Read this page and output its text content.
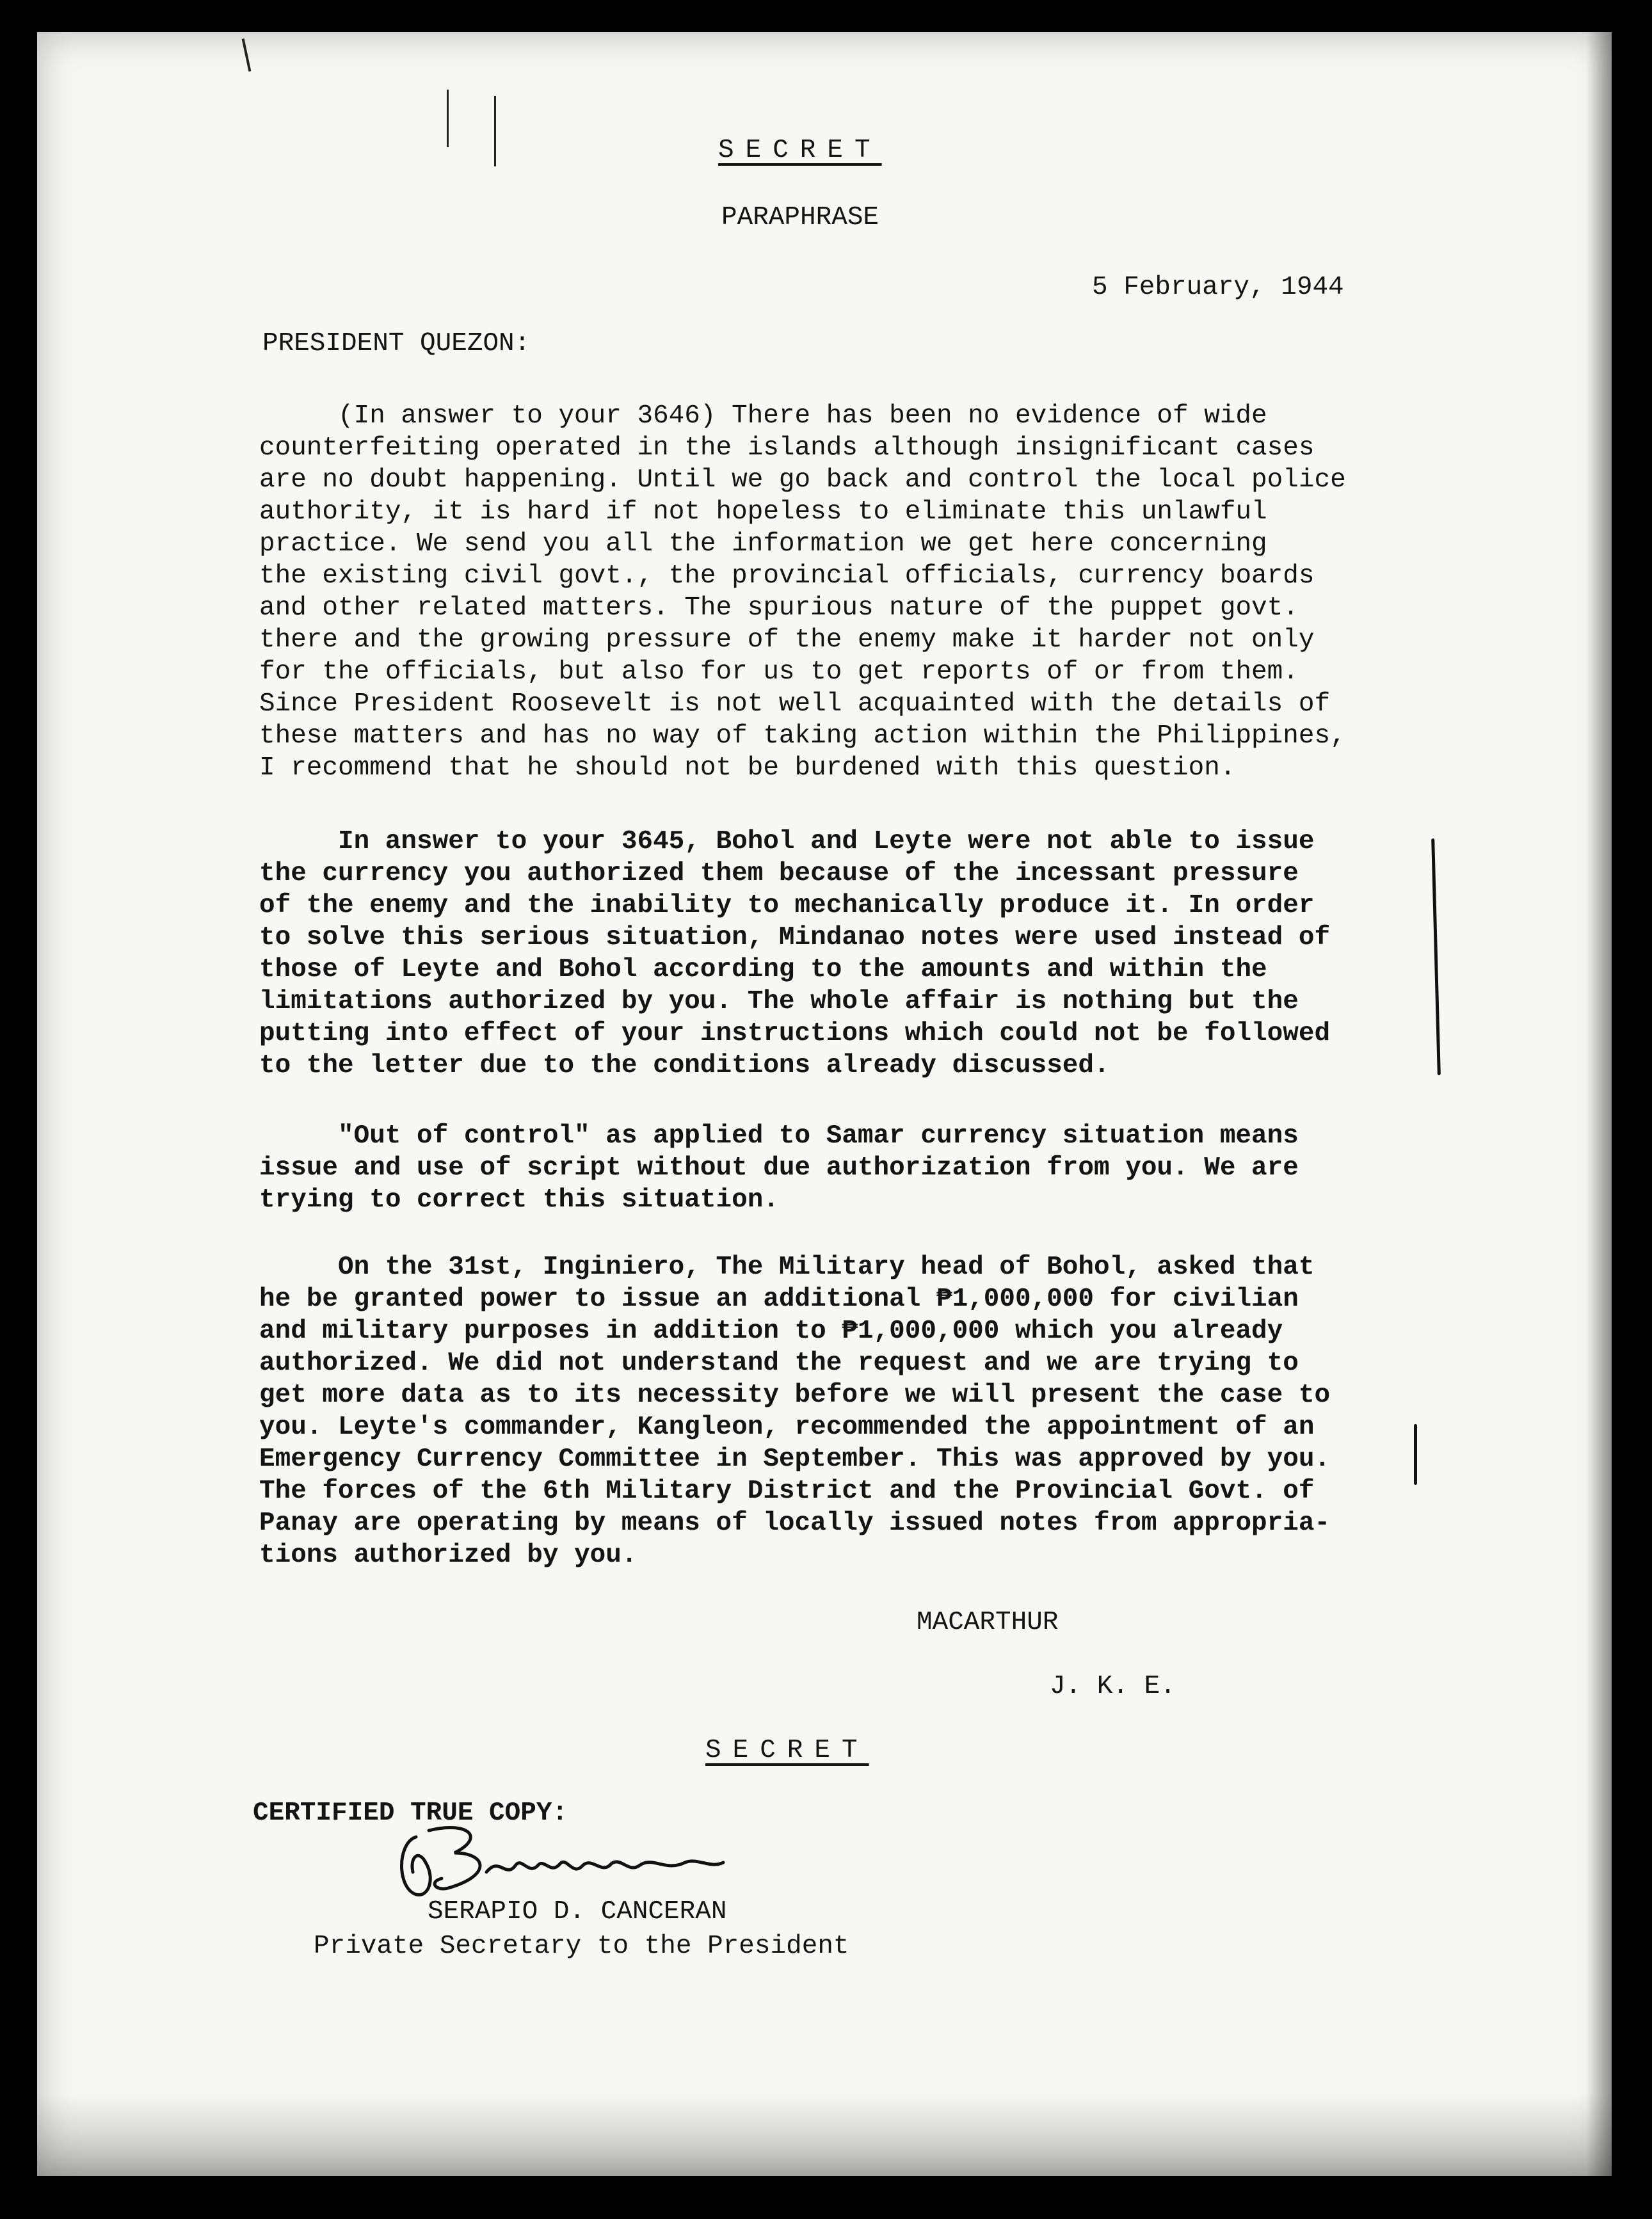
SECRET
PARAPHRASE
5 February, 1944
PRESIDENT QUEZON:
(In answer to your 3646) There has been no evidence of wide
counterfeiting operated in the islands although insignificant cases
are no doubt happening. Until we go back and control the local police
authority, it is hard if not hopeless to eliminate this unlawful
practice. We send you all the information we get here concerning
the existing civil govt., the provincial officials, currency boards
and other related matters. The spurious nature of the puppet govt.
there and the growing pressure of the enemy make it harder not only
for the officials, but also for us to get reports of or from them.
Since President Roosevelt is not well acquainted with the details of
these matters and has no way of taking action within the Philippines,
I recommend that he should not be burdened with this question.
In answer to your 3645, Bohol and Leyte were not able to issue
the currency you authorized them because of the incessant pressure
of the enemy and the inability to mechanically produce it. In order
to solve this serious situation, Mindanao notes were used instead of
those of Leyte and Bohol according to the amounts and within the
limitations authorized by you. The whole affair is nothing but the
putting into effect of your instructions which could not be followed
to the letter due to the conditions already discussed.
"Out of control" as applied to Samar currency situation means
issue and use of script without due authorization from you. We are
trying to correct this situation.
On the 31st, Inginiero, The Military head of Bohol, asked that
he be granted power to issue an additional ₱1,000,000 for civilian
and military purposes in addition to ₱1,000,000 which you already
authorized. We did not understand the request and we are trying to
get more data as to its necessity before we will present the case to
you. Leyte's commander, Kangleon, recommended the appointment of an
Emergency Currency Committee in September. This was approved by you.
The forces of the 6th Military District and the Provincial Govt. of
Panay are operating by means of locally issued notes from appropria-
tions authorized by you.
MACARTHUR
J. K. E.
SECRET
CERTIFIED TRUE COPY:
SERAPIO D. CANCERAN
Private Secretary to the President
